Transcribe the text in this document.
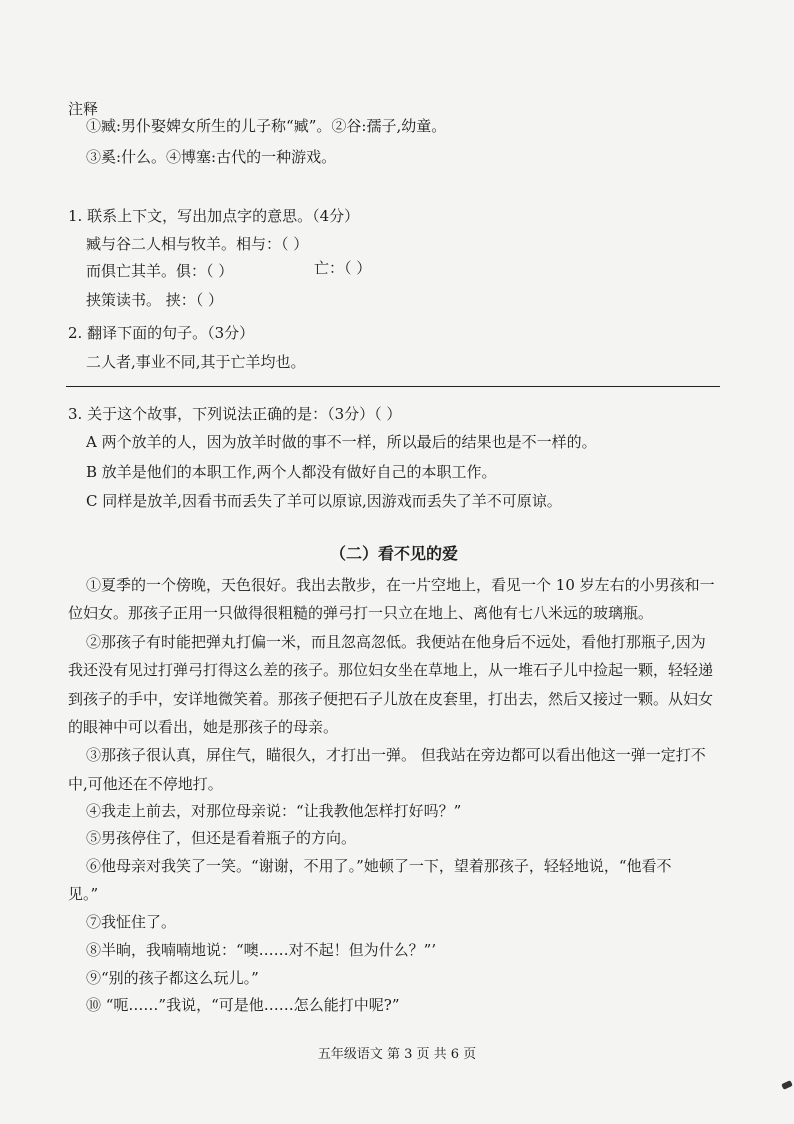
注释
①臧:男仆娶婢女所生的儿子称“臧”。②谷:孺子,幼童。
③奚:什么。④博塞:古代的一种游戏。
1. 联系上下文，写出加点字的意思。（4分）
臧与谷二人相与牧羊。相与：（ ）
而俱亡其羊。俱：（ ）	亡：（ ）
挟策读书。 挟：（ ）
2. 翻译下面的句子。（3分）
二人者,事业不同,其于亡羊均也。
3. 关于这个故事，下列说法正确的是：（3分）（ ）
A 两个放羊的人，因为放羊时做的事不一样，所以最后的结果也是不一样的。
B 放羊是他们的本职工作,两个人都没有做好自己的本职工作。
C 同样是放羊,因看书而丢失了羊可以原谅,因游戏而丢失了羊不可原谅。
（二）看不见的爱
①夏季的一个傍晚，天色很好。我出去散步，在一片空地上，看见一个 10 岁左右的小男孩和一
位妇女。那孩子正用一只做得很粗糙的弹弓打一只立在地上、离他有七八米远的玻璃瓶。
②那孩子有时能把弹丸打偏一米，而且忽高忽低。我便站在他身后不远处，看他打那瓶子,因为
我还没有见过打弹弓打得这么差的孩子。那位妇女坐在草地上，从一堆石子儿中捡起一颗，轻轻递
到孩子的手中，安详地微笑着。那孩子便把石子儿放在皮套里，打出去，然后又接过一颗。从妇女
的眼神中可以看出，她是那孩子的母亲。
③那孩子很认真，屏住气，瞄很久，才打出一弹。 但我站在旁边都可以看出他这一弹一定打不
中,可他还在不停地打。
④我走上前去，对那位母亲说：“让我教他怎样打好吗？”
⑤男孩停住了，但还是看着瓶子的方向。
⑥他母亲对我笑了一笑。“谢谢，不用了。”她顿了一下，望着那孩子，轻轻地说，“他看不
见。”
⑦我怔住了。
⑧半晌，我喃喃地说：“噢……对不起！但为什么？”’
⑨“别的孩子都这么玩儿。”
⑩ “呃……”我说，“可是他……怎么能打中呢?”
五年级语文 第 3 页 共 6 页
